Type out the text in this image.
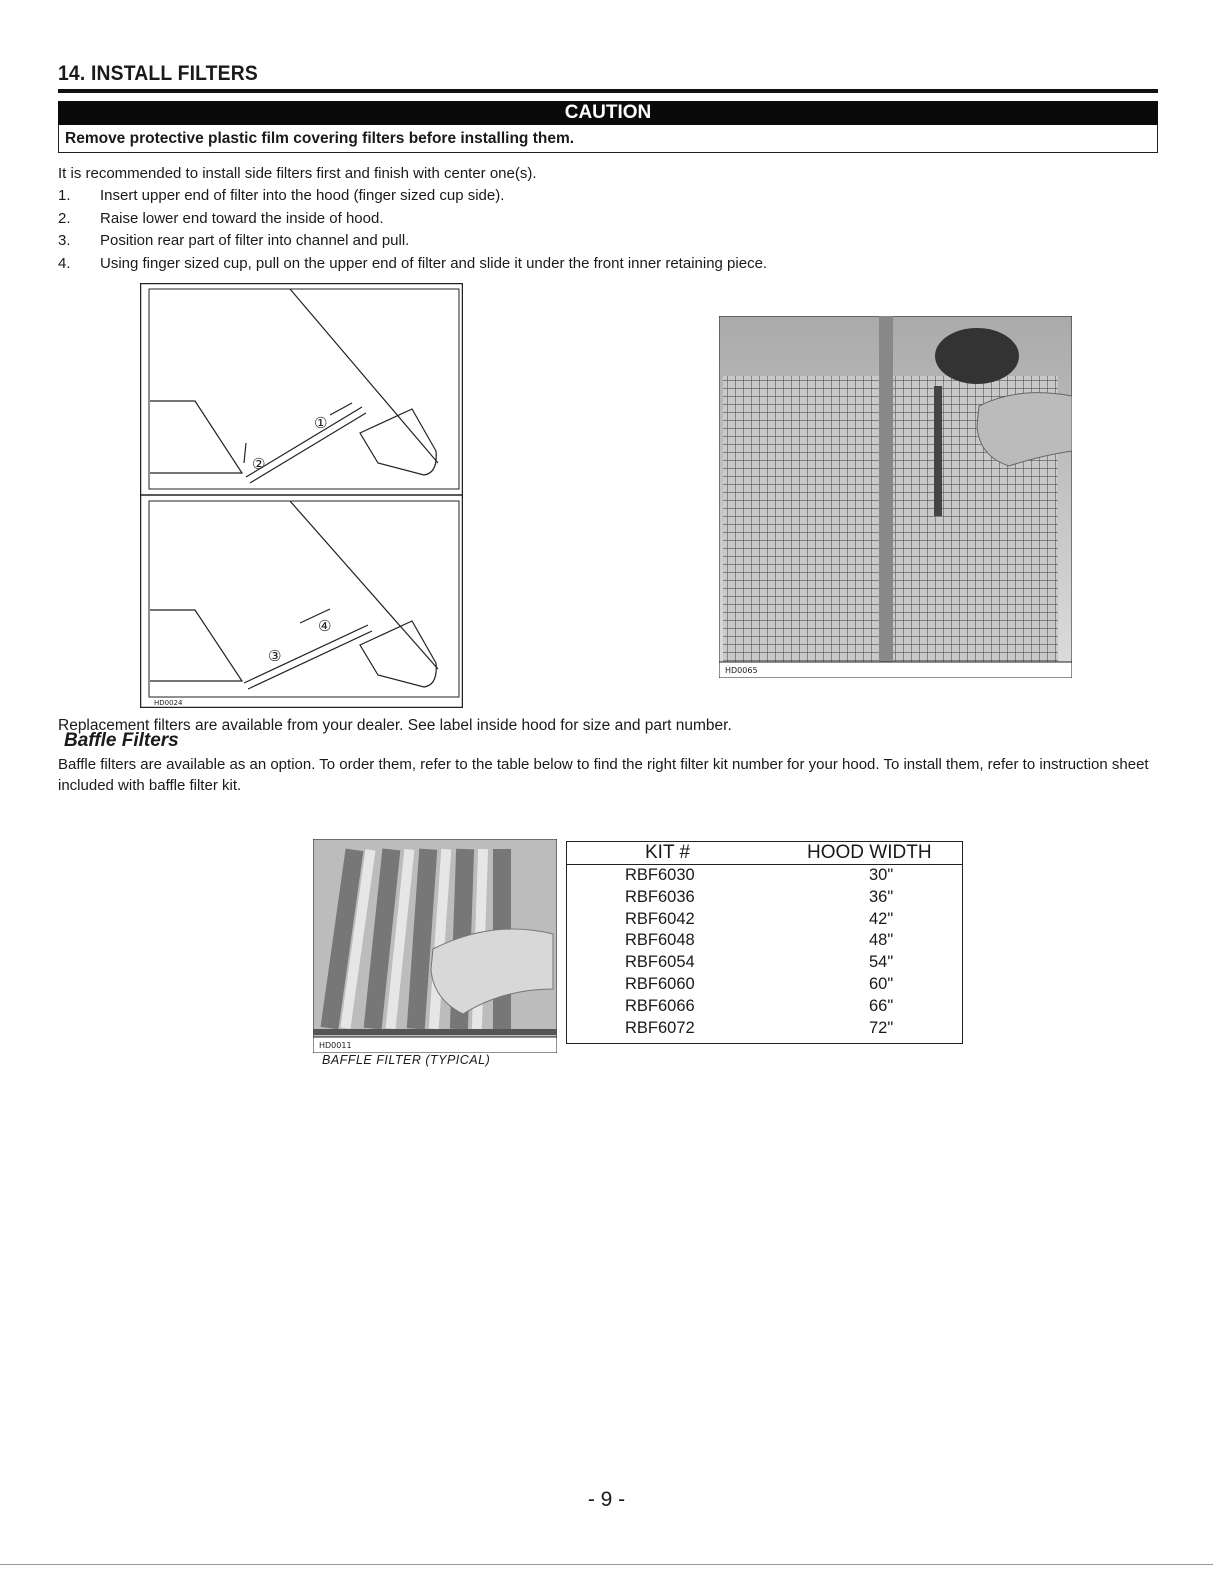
14. INSTALL FILTERS
CAUTION
Remove protective plastic film covering filters before installing them.
It is recommended to install side filters first and finish with center one(s).
1.	Insert upper end of filter into the hood (finger sized cup side).
2.	Raise lower end toward the inside of hood.
3.	Position rear part of filter into channel and pull.
4.	Using finger sized cup, pull on the upper end of filter and slide it under the front inner retaining piece.
①
②
④
③
HD0024
HD0065
Replacement filters are available from your dealer. See label inside hood for size and part number.
Baffle Filters
Baffle filters are available as an option. To order them, refer to the table below to find the right filter kit number for your hood. To install them, refer to instruction sheet included with baffle filter kit.
HD0011
BAFFLE FILTER (TYPICAL)
KIT #	HOOD WIDTH
RBF6030	30"
RBF6036	36"
RBF6042	42"
RBF6048	48"
RBF6054	54"
RBF6060	60"
RBF6066	66"
RBF6072	72"
- 9 -
